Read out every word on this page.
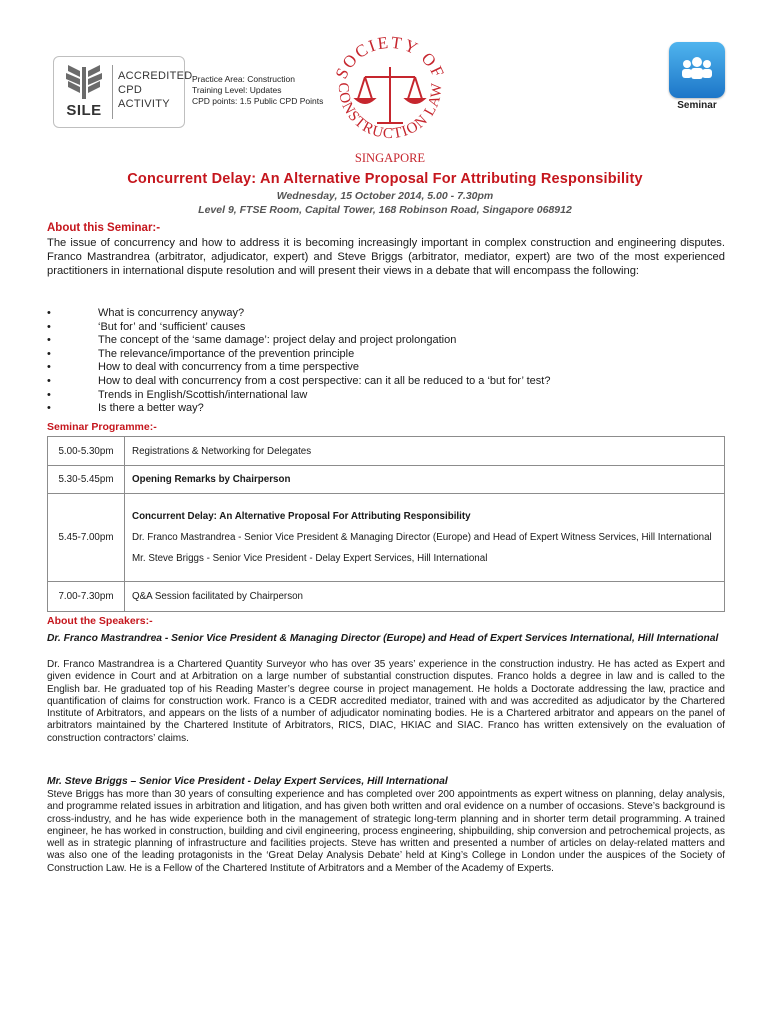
SILE
ACCREDITED
CPD
ACTIVITY
Practice Area: Construction
Training Level: Updates
CPD points: 1.5 Public CPD Points
SOCIETY OF
CONSTRUCTION LAW
SINGAPORE
Seminar
Concurrent Delay: An Alternative Proposal For Attributing Responsibility
Wednesday, 15 October 2014, 5.00 - 7.30pm
Level 9, FTSE Room, Capital Tower, 168 Robinson Road, Singapore 068912
About this Seminar:-
The issue of concurrency and how to address it is becoming increasingly important in complex construction and engineering disputes. Franco Mastrandrea (arbitrator, adjudicator, expert) and Steve Briggs (arbitrator, mediator, expert) are two of the most experienced practitioners in international dispute resolution and will present their views in a debate that will encompass the following:
• What is concurrency anyway?
• ‘But for’ and ‘sufficient’ causes
• The concept of the ‘same damage’: project delay and project prolongation
• The relevance/importance of the prevention principle
• How to deal with concurrency from a time perspective
• How to deal with concurrency from a cost perspective: can it all be reduced to a ‘but for’ test?
• Trends in English/Scottish/international law
• Is there a better way?
Seminar Programme:-
5.00-5.30pm	Registrations & Networking for Delegates
5.30-5.45pm	Opening Remarks by Chairperson
5.45-7.00pm	Concurrent Delay: An Alternative Proposal For Attributing Responsibility
Dr. Franco Mastrandrea - Senior Vice President & Managing Director (Europe) and Head of Expert Witness Services, Hill International
Mr. Steve Briggs - Senior Vice President - Delay Expert Services, Hill International

7.00-7.30pm	Q&A Session facilitated by Chairperson
About the Speakers:-
Dr. Franco Mastrandrea - Senior Vice President & Managing Director (Europe) and Head of Expert Services International, Hill International
Dr. Franco Mastrandrea is a Chartered Quantity Surveyor who has over 35 years’ experience in the construction industry. He has acted as Expert and given evidence in Court and at Arbitration on a large number of substantial construction disputes. Franco holds a degree in law and is called to the English bar. He graduated top of his Reading Master’s degree course in project management. He holds a Doctorate addressing the law, practice and quantification of claims for construction work. Franco is a CEDR accredited mediator, trained with and was accredited as adjudicator by the Chartered Institute of Arbitrators, and appears on the lists of a number of adjudicator nominating bodies. He is a Chartered arbitrator and appears on the panel of arbitrators maintained by the Chartered Institute of Arbitrators, RICS, DIAC, HKIAC and SIAC. Franco has written extensively on the evaluation of construction contractors’ claims.
Mr. Steve Briggs – Senior Vice President - Delay Expert Services, Hill International
Steve Briggs has more than 30 years of consulting experience and has completed over 200 appointments as expert witness on planning, delay analysis, and programme related issues in arbitration and litigation, and has given both written and oral evidence on a number of occasions. Steve’s background is cross-industry, and he has wide experience both in the management of strategic long-term planning and in shorter term detail programming. A trained engineer, he has worked in construction, building and civil engineering, process engineering, shipbuilding, ship conversion and petrochemical projects, as well as in strategic planning of infrastructure and facilities projects. Steve has written and presented a number of articles on delay-related matters and was also one of the leading protagonists in the ‘Great Delay Analysis Debate’ held at King’s College in London under the auspices of the Society of Construction Law. He is a Fellow of the Chartered Institute of Arbitrators and a Member of the Academy of Experts.
